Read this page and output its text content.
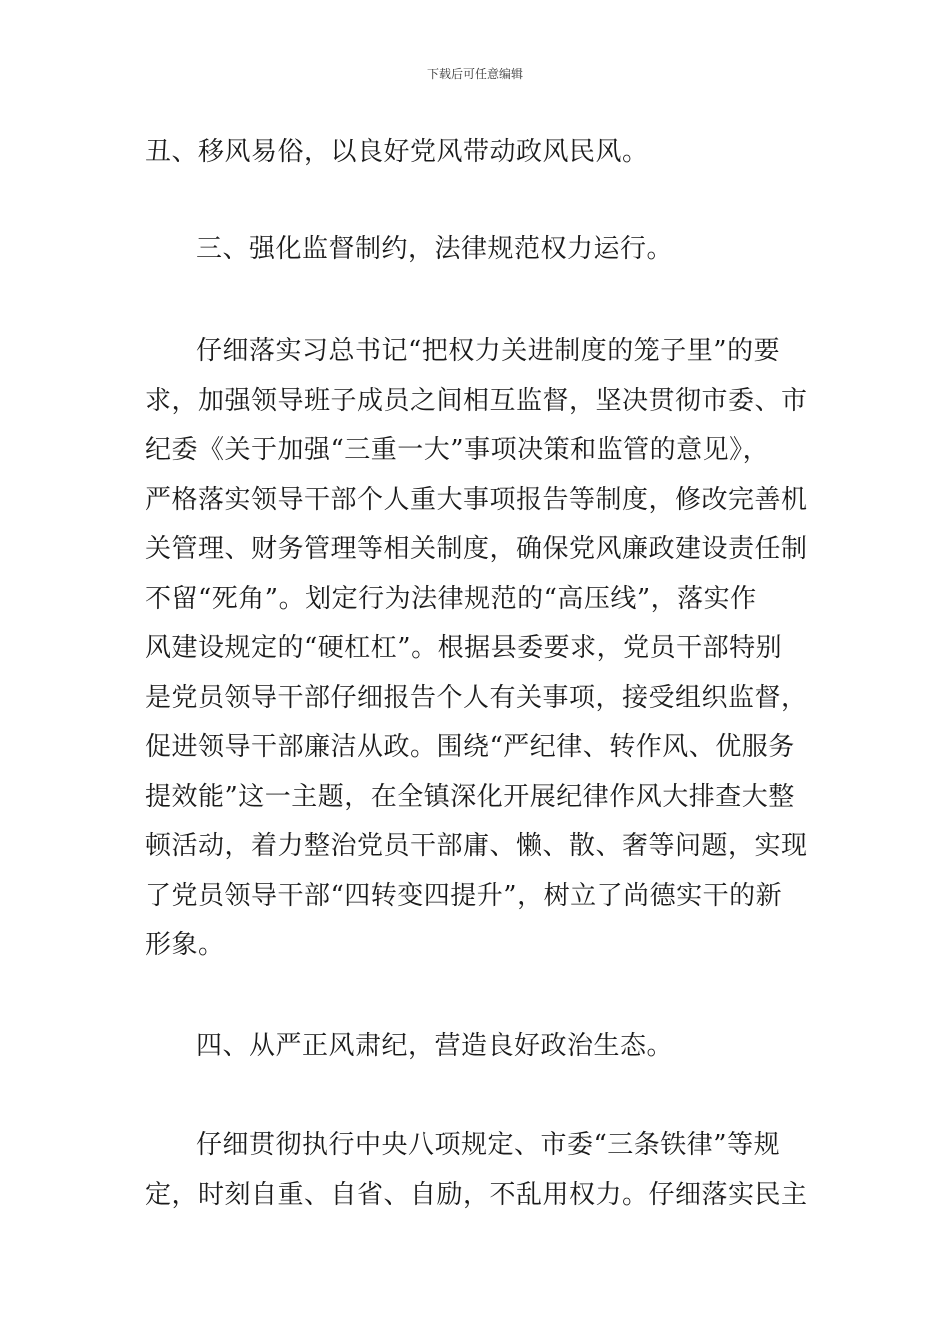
下载后可任意编辑
丑、移风易俗，以良好党风带动政风民风。
三、强化监督制约，法律规范权力运行。
仔细落实习总书记“把权力关进制度的笼子里”的要
求，加强领导班子成员之间相互监督，坚决贯彻市委、市
纪委《关于加强“三重一大”事项决策和监管的意见》，
严格落实领导干部个人重大事项报告等制度，修改完善机
关管理、财务管理等相关制度，确保党风廉政建设责任制
不留“死角”。划定行为法律规范的“高压线”，落实作
风建设规定的“硬杠杠”。根据县委要求，党员干部特别
是党员领导干部仔细报告个人有关事项，接受组织监督，
促进领导干部廉洁从政。围绕“严纪律、转作风、优服务
提效能”这一主题，在全镇深化开展纪律作风大排查大整
顿活动，着力整治党员干部庸、懒、散、奢等问题，实现
了党员领导干部“四转变四提升”，树立了尚德实干的新
形象。
四、从严正风肃纪，营造良好政治生态。
仔细贯彻执行中央八项规定、市委“三条铁律”等规
定，时刻自重、自省、自励，不乱用权力。仔细落实民主
